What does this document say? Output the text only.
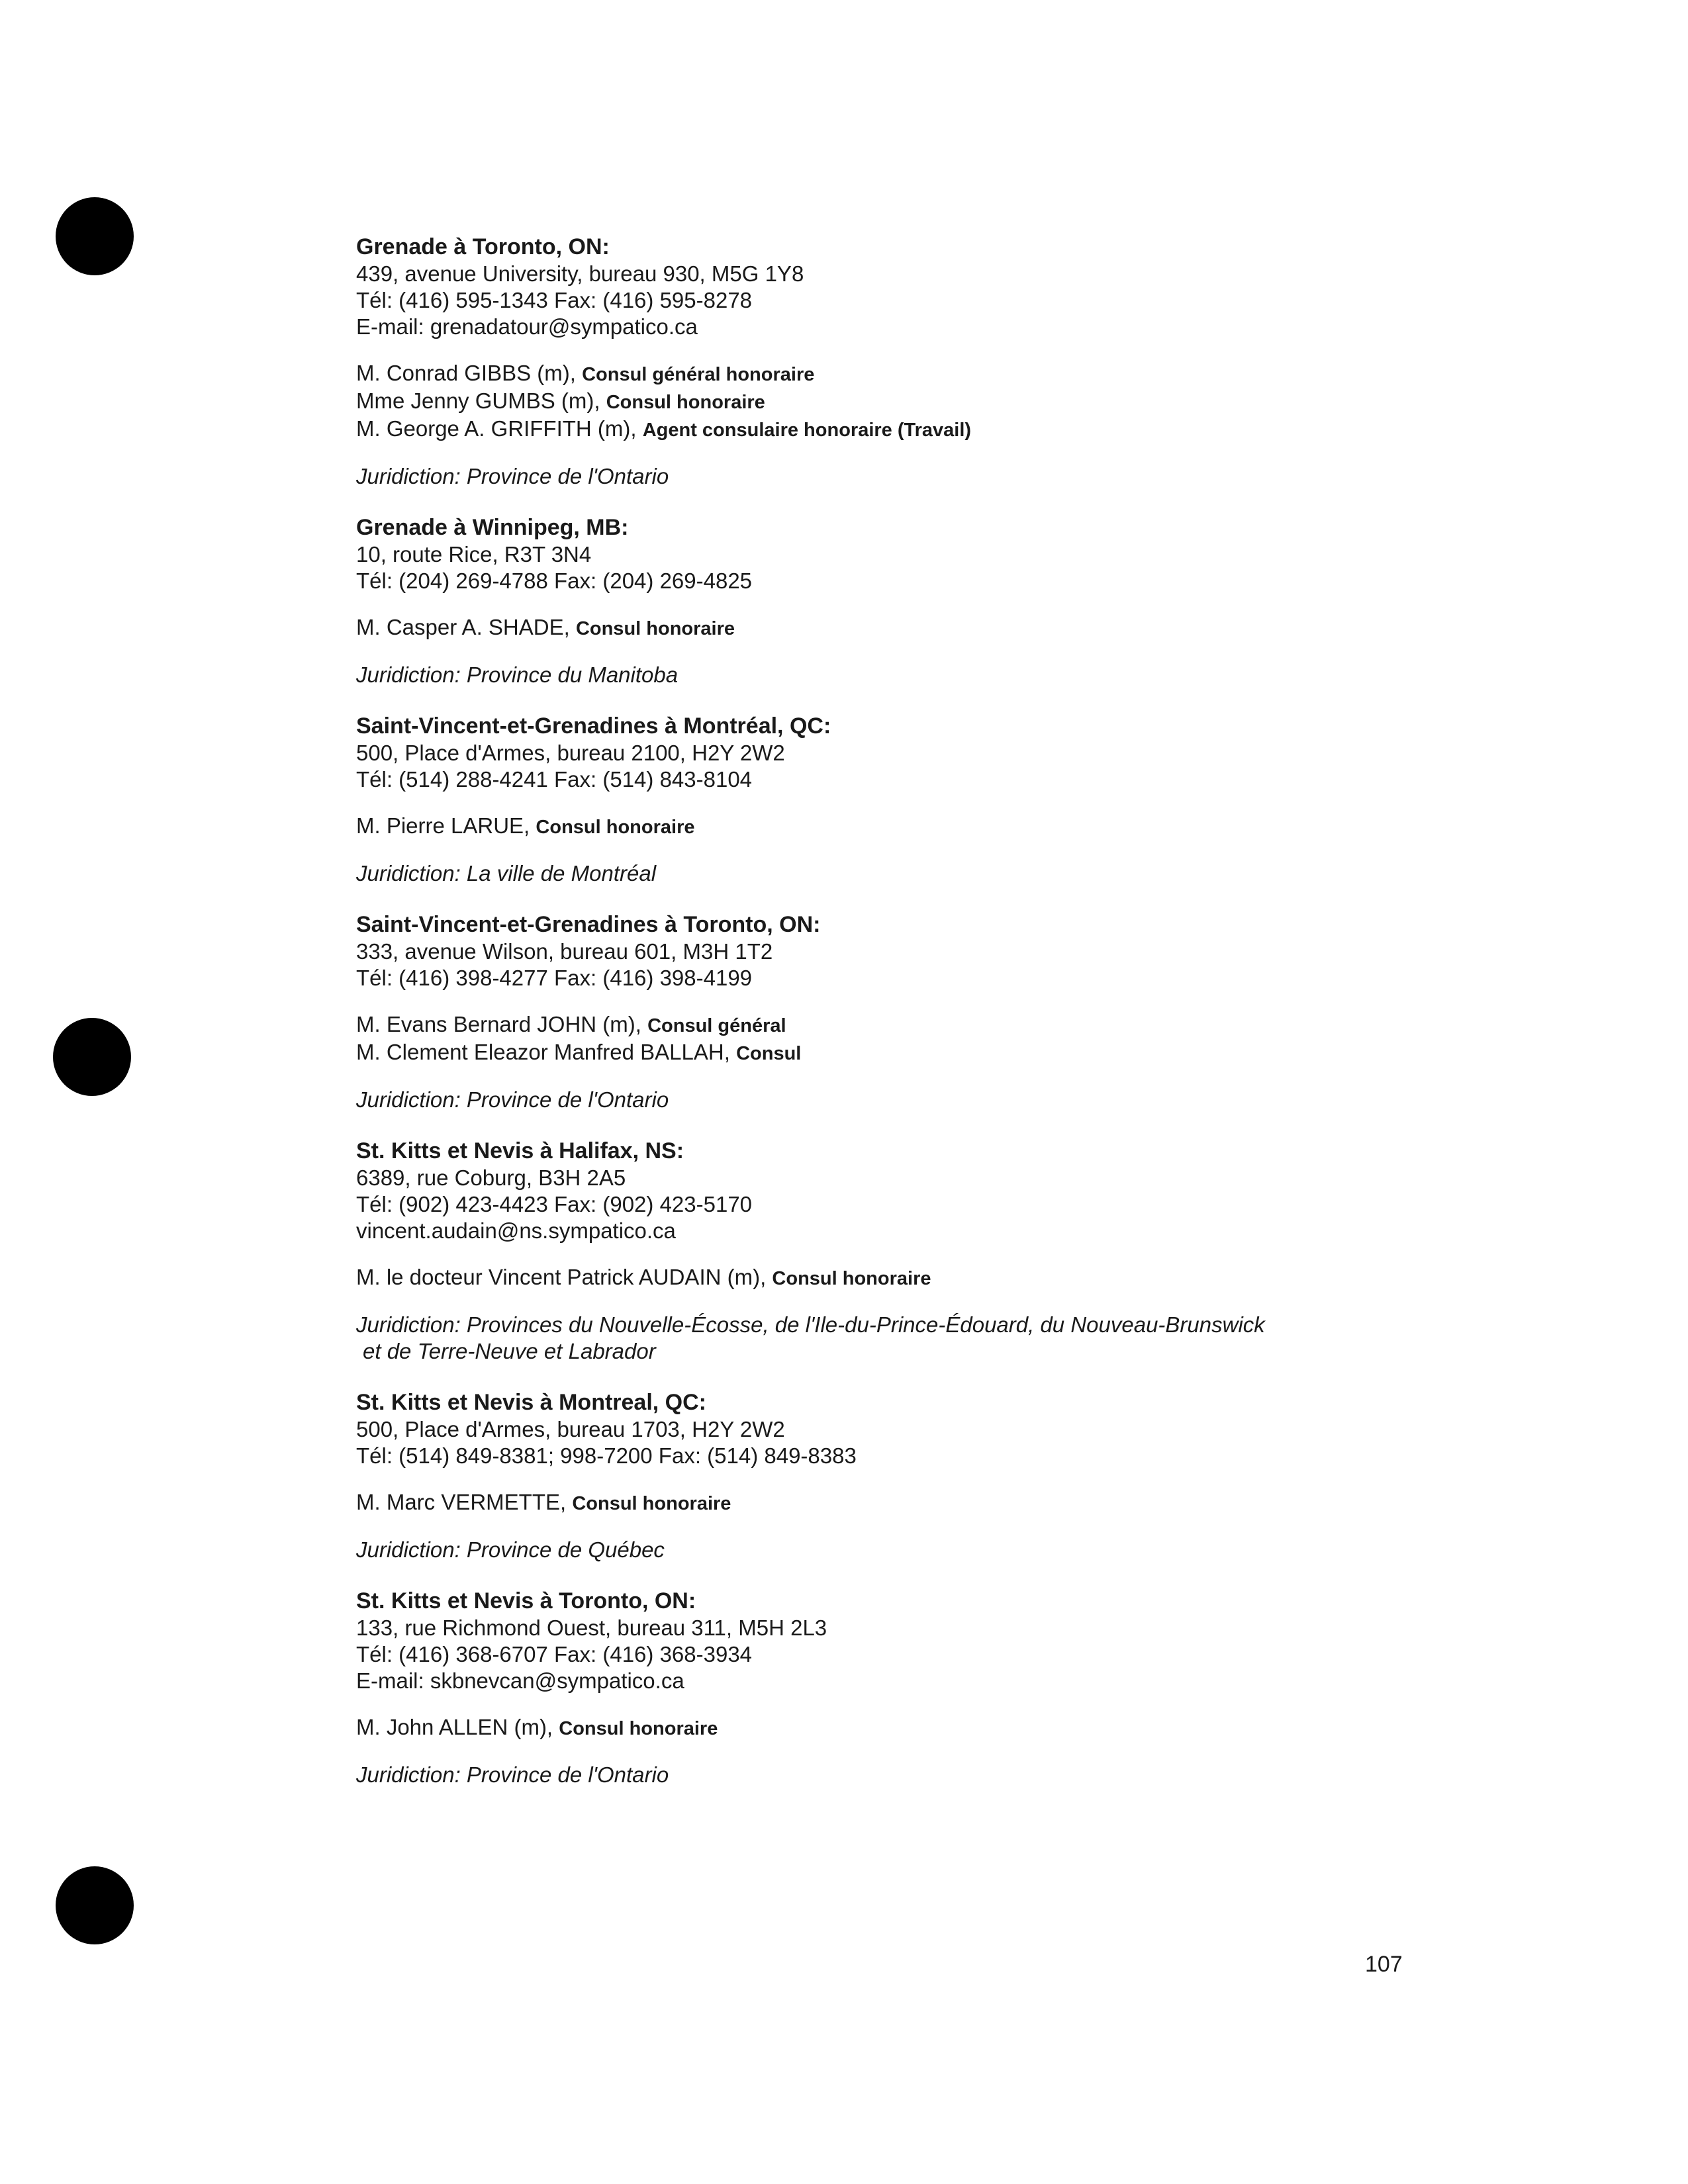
Grenade à Toronto, ON:
439, avenue University, bureau 930, M5G 1Y8
Tél: (416) 595-1343 Fax: (416) 595-8278
E-mail: grenadatour@sympatico.ca
M. Conrad GIBBS (m), Consul général honoraire
Mme Jenny GUMBS (m), Consul honoraire
M. George A. GRIFFITH (m), Agent consulaire honoraire (Travail)
Juridiction: Province de l'Ontario
Grenade à Winnipeg, MB:
10, route Rice, R3T 3N4
Tél: (204) 269-4788 Fax: (204) 269-4825
M. Casper A. SHADE, Consul honoraire
Juridiction: Province du Manitoba
Saint-Vincent-et-Grenadines à Montréal, QC:
500, Place d'Armes, bureau 2100, H2Y 2W2
Tél: (514) 288-4241 Fax: (514) 843-8104
M. Pierre LARUE, Consul honoraire
Juridiction: La ville de Montréal
Saint-Vincent-et-Grenadines à Toronto, ON:
333, avenue Wilson, bureau 601, M3H 1T2
Tél: (416) 398-4277 Fax: (416) 398-4199
M. Evans Bernard JOHN (m), Consul général
M. Clement Eleazor Manfred BALLAH, Consul
Juridiction: Province de l'Ontario
St. Kitts et Nevis à Halifax, NS:
6389, rue Coburg, B3H 2A5
Tél: (902) 423-4423 Fax: (902) 423-5170
vincent.audain@ns.sympatico.ca
M. le docteur Vincent Patrick AUDAIN (m), Consul honoraire
Juridiction: Provinces du Nouvelle-Écosse, de l'Ile-du-Prince-Édouard, du Nouveau-Brunswick
et de Terre-Neuve et Labrador
St. Kitts et Nevis à Montreal, QC:
500, Place d'Armes, bureau 1703, H2Y 2W2
Tél: (514) 849-8381; 998-7200 Fax: (514) 849-8383
M. Marc VERMETTE, Consul honoraire
Juridiction: Province de Québec
St. Kitts et Nevis à Toronto, ON:
133, rue Richmond Ouest, bureau 311, M5H 2L3
Tél: (416) 368-6707 Fax: (416) 368-3934
E-mail: skbnevcan@sympatico.ca
M. John ALLEN (m), Consul honoraire
Juridiction: Province de l'Ontario
107
